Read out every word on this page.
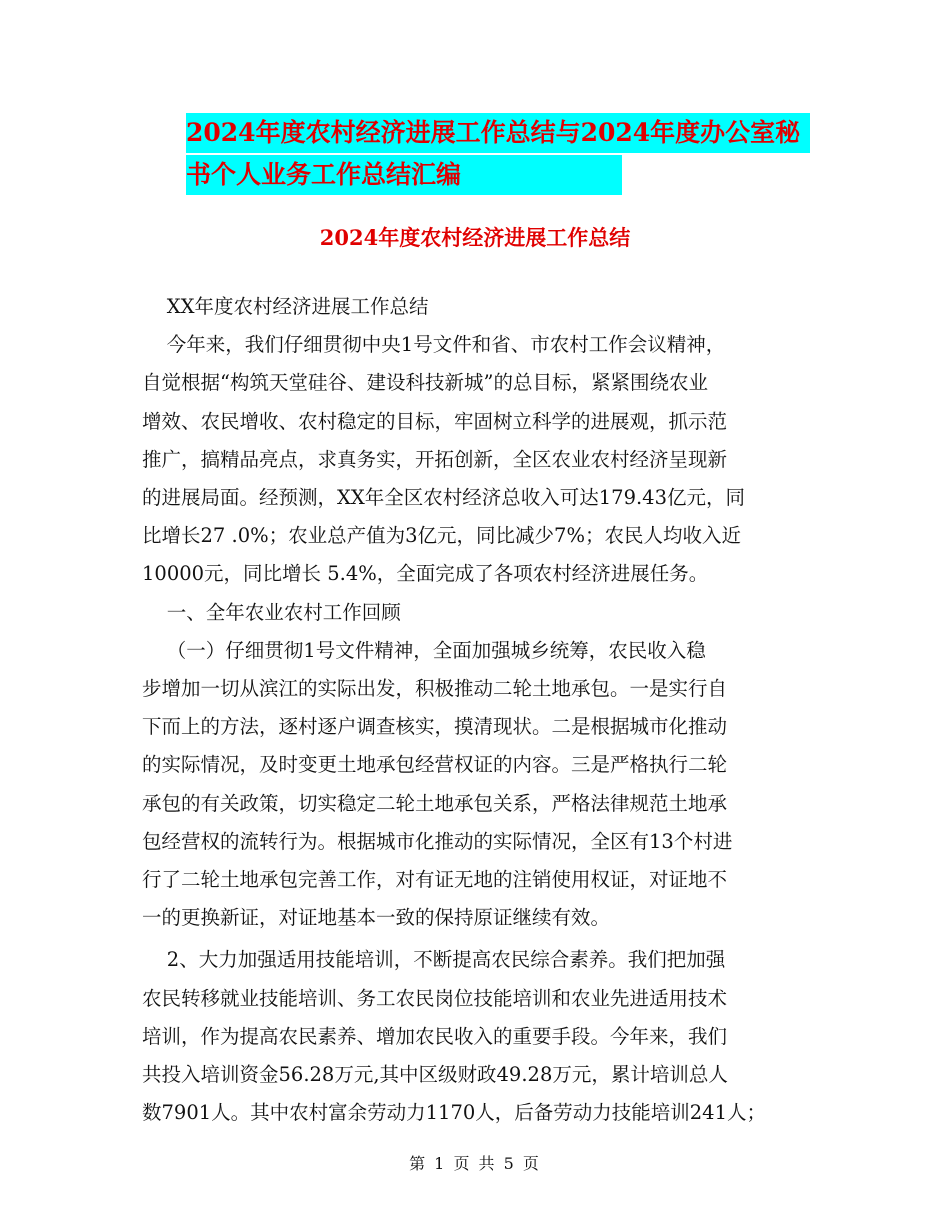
2024年度农村经济进展工作总结与2024年度办公室秘
书个人业务工作总结汇编
2024年度农村经济进展工作总结

XX年度农村经济进展工作总结

今年来，我们仔细贯彻中央1号文件和省、市农村工作会议精神，

自觉根据“构筑天堂硅谷、建设科技新城”的总目标，紧紧围绕农业

增效、农民增收、农村稳定的目标，牢固树立科学的进展观，抓示范

推广，搞精品亮点，求真务实，开拓创新，全区农业农村经济呈现新

的进展局面。经预测，XX年全区农村经济总收入可达179.43亿元，同

比增长27 .0%；农业总产值为3亿元，同比减少7%；农民人均收入近

10000元，同比增长 5.4%，全面完成了各项农村经济进展任务。

一、全年农业农村工作回顾

（一）仔细贯彻1号文件精神，全面加强城乡统筹，农民收入稳

步增加一切从滨江的实际出发，积极推动二轮土地承包。一是实行自

下而上的方法，逐村逐户调查核实，摸清现状。二是根据城市化推动

的实际情况，及时变更土地承包经营权证的内容。三是严格执行二轮

承包的有关政策，切实稳定二轮土地承包关系，严格法律规范土地承

包经营权的流转行为。根据城市化推动的实际情况，全区有13个村进

行了二轮土地承包完善工作，对有证无地的注销使用权证，对证地不

一的更换新证，对证地基本一致的保持原证继续有效。

2、大力加强适用技能培训，不断提高农民综合素养。我们把加强

农民转移就业技能培训、务工农民岗位技能培训和农业先进适用技术

培训，作为提高农民素养、增加农民收入的重要手段。今年来，我们

共投入培训资金56.28万元,其中区级财政49.28万元，累计培训总人

数7901人。其中农村富余劳动力1170人，后备劳动力技能培训241人；

第 1 页 共 5 页
